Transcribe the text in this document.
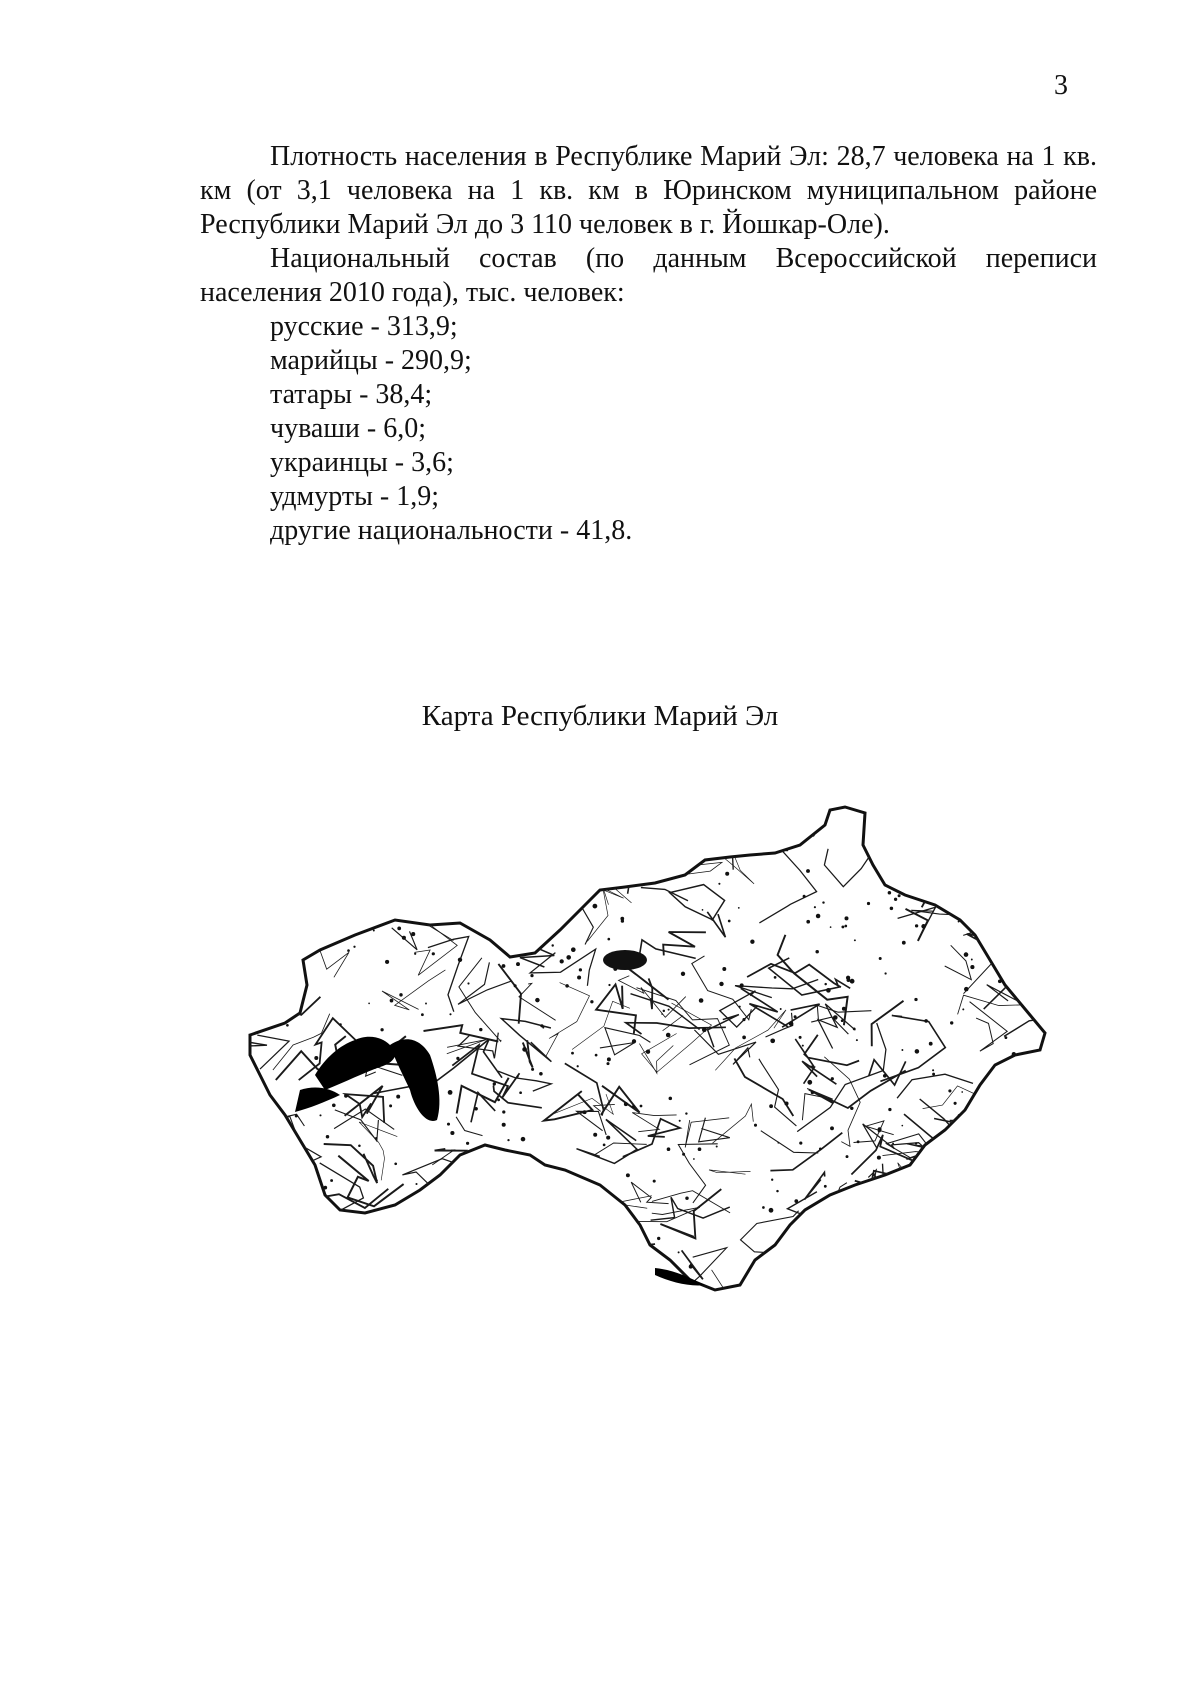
3

Плотность населения в Республике Марий Эл: 28,7 человека на 1 кв. км (от 3,1 человека на 1 кв. км в Юринском муниципальном районе Республики Марий Эл до 3 110 человек в г. Йошкар-Оле).

Национальный состав (по данным Всероссийской переписи населения 2010 года), тыс. человек:

русские - 313,9;
марийцы - 290,9;
татары - 38,4;
чуваши - 6,0;
украинцы - 3,6;
удмурты - 1,9;
другие национальности - 41,8.
Карта Республики Марий Эл
